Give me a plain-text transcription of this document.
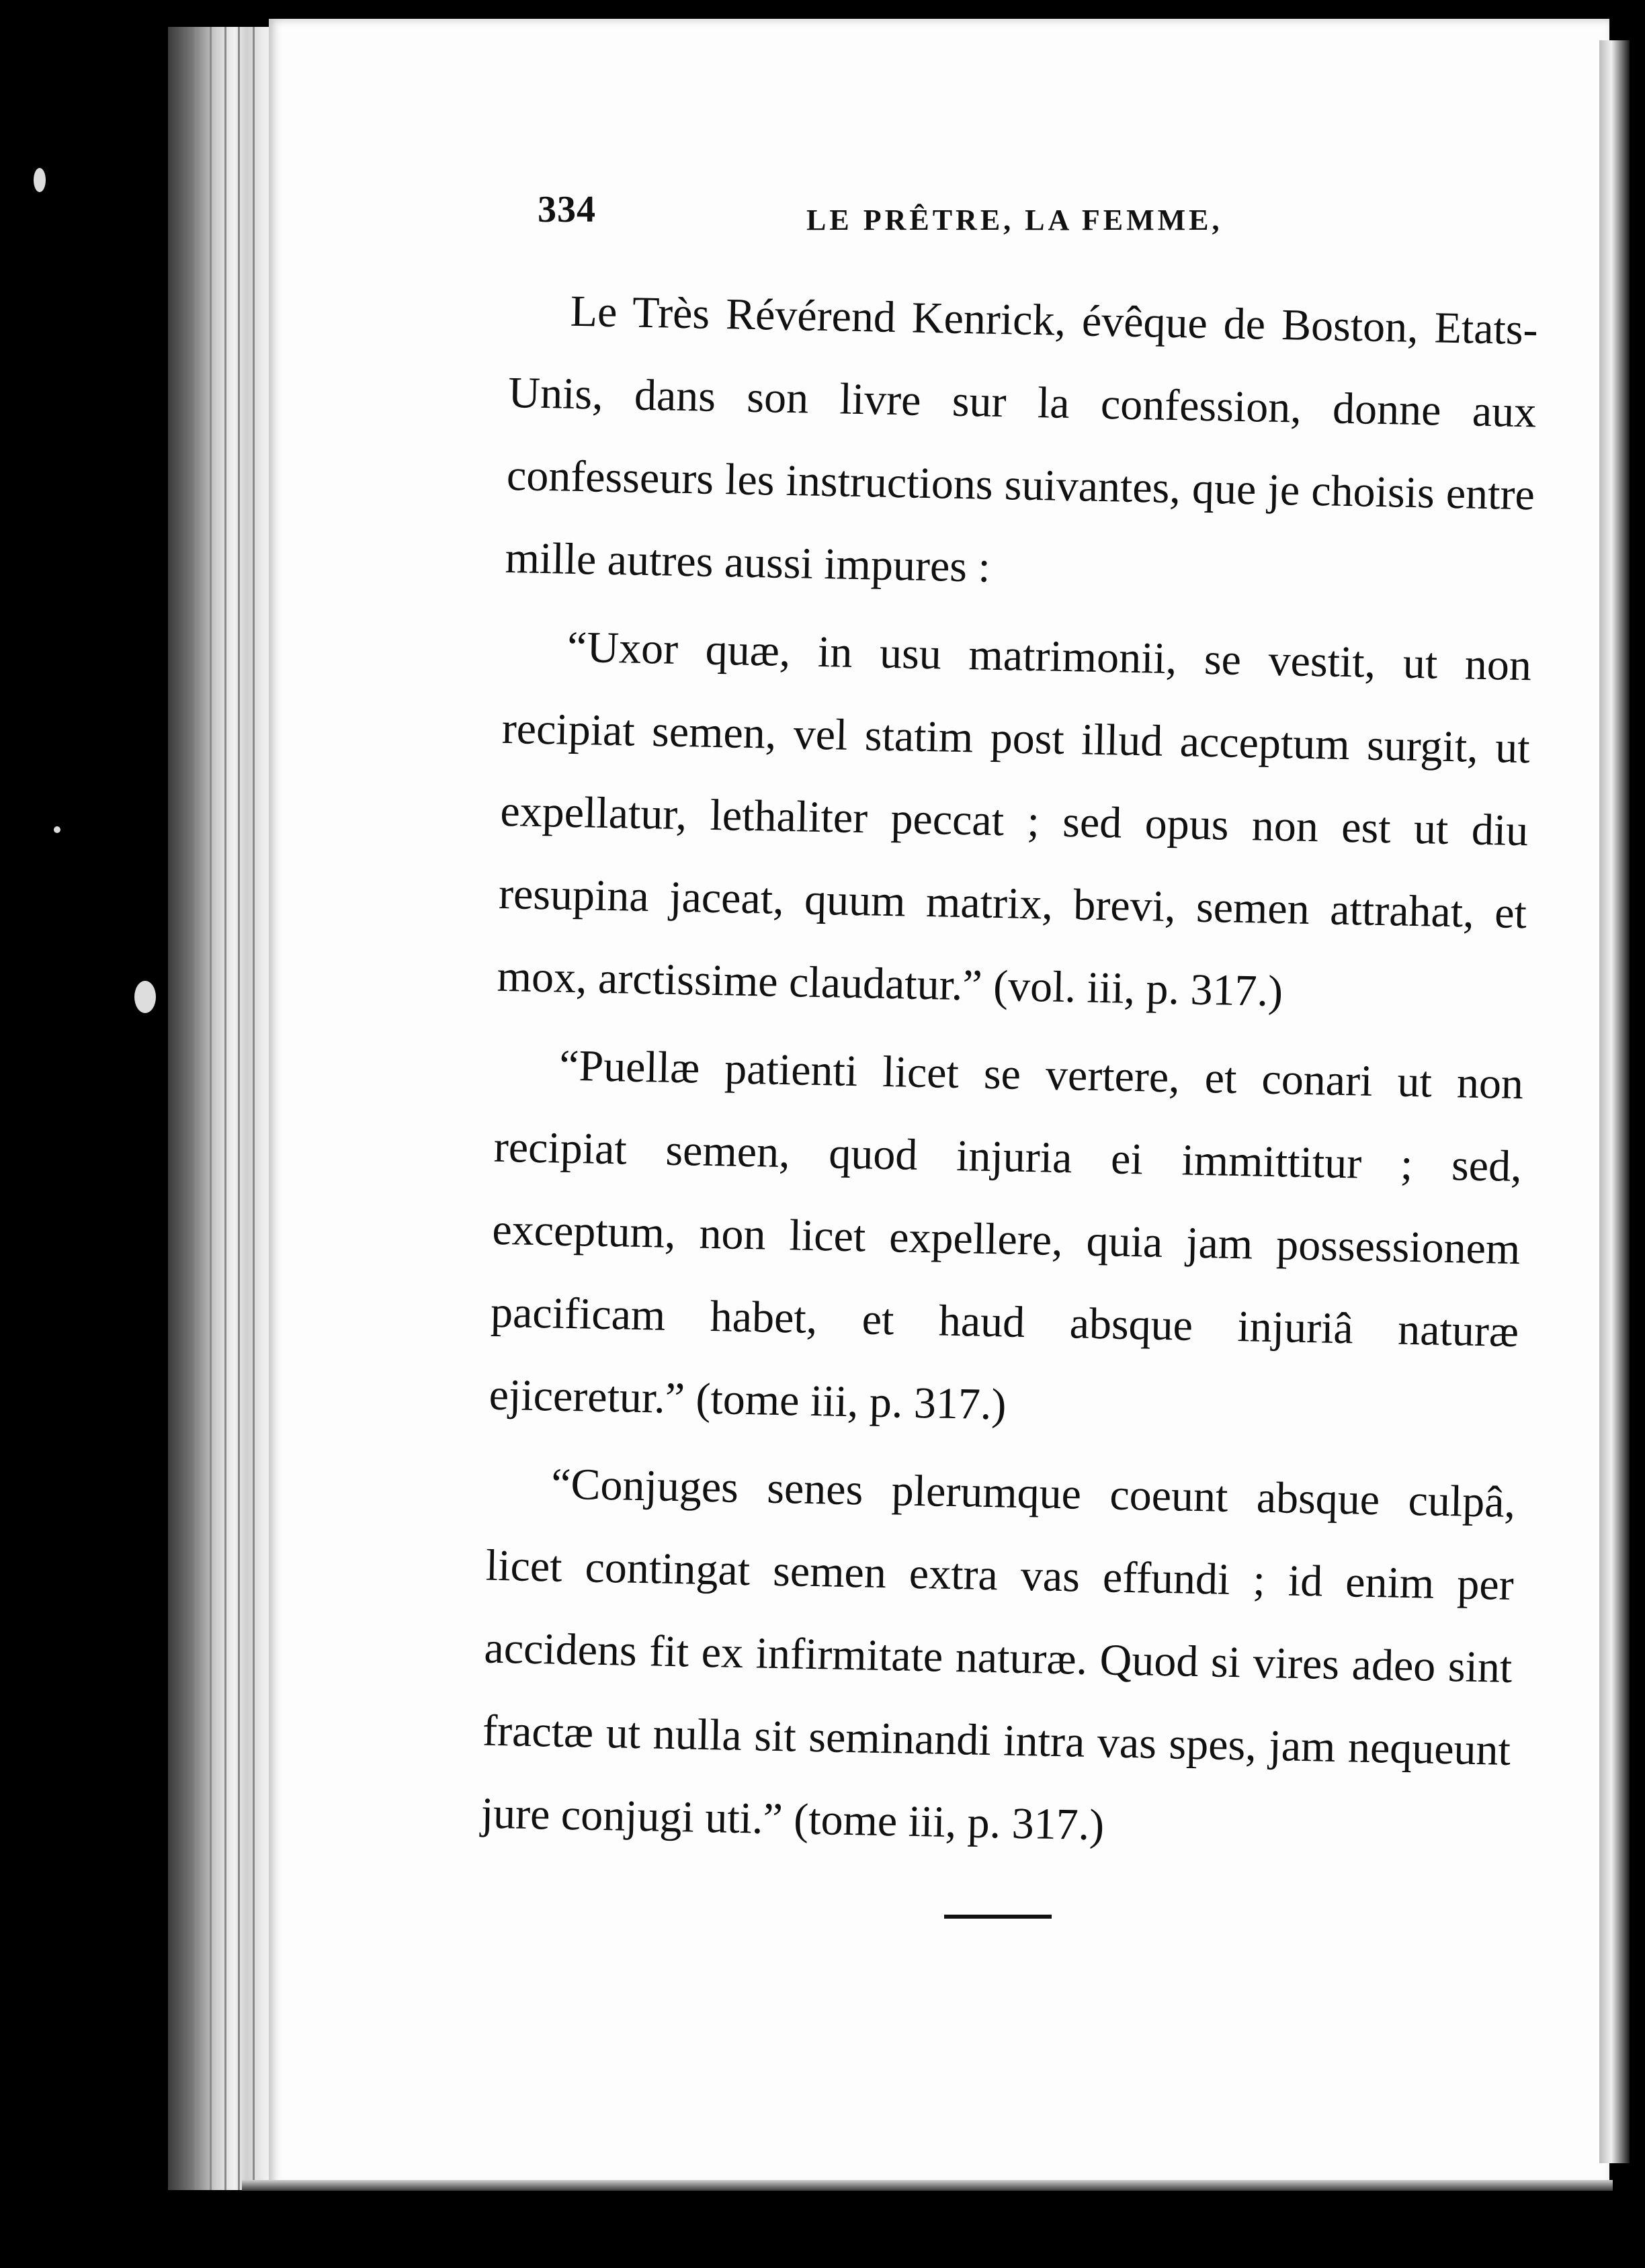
334	LE PRÊTRE, LA FEMME,

Le Très Révérend Kenrick, évêque de Boston, Etats-Unis, dans son livre sur la confession, donne aux confesseurs les instructions suivantes, que je choisis entre mille autres aussi impures :

“Uxor quæ, in usu matrimonii, se vestit, ut non recipiat semen, vel statim post illud acceptum surgit, ut expellatur, lethaliter peccat ; sed opus non est ut diu resupina jaceat, quum matrix, brevi, semen attrahat, et mox, arctissime claudatur.” (vol. iii, p. 317.)

“Puellæ patienti licet se vertere, et conari ut non recipiat semen, quod injuria ei immittitur ; sed, exceptum, non licet expellere, quia jam possessionem pacificam habet, et haud absque injuriâ naturæ ejiceretur.” (tome iii, p. 317.)

“Conjuges senes plerumque coeunt absque culpâ, licet contingat semen extra vas effundi ; id enim per accidens fit ex infirmitate naturæ. Quod si vires adeo sint fractæ ut nulla sit seminandi intra vas spes, jam nequeunt jure conjugi uti.” (tome iii, p. 317.)
